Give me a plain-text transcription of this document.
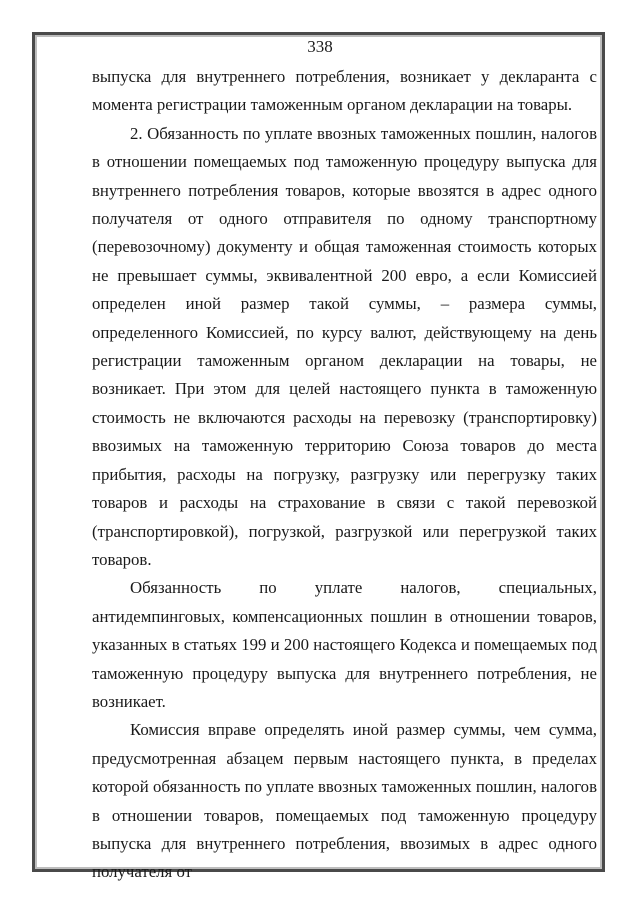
338

выпуска для внутреннего потребления, возникает у декларанта с момента регистрации таможенным органом декларации на товары.

2. Обязанность по уплате ввозных таможенных пошлин, налогов в отношении помещаемых под таможенную процедуру выпуска для внутреннего потребления товаров, которые ввозятся в адрес одного получателя от одного отправителя по одному транспортному (перевозочному) документу и общая таможенная стоимость которых не превышает суммы, эквивалентной 200 евро, а если Комиссией определен иной размер такой суммы, – размера суммы, определенного Комиссией, по курсу валют, действующему на день регистрации таможенным органом декларации на товары, не возникает. При этом для целей настоящего пункта в таможенную стоимость не включаются расходы на перевозку (транспортировку) ввозимых на таможенную территорию Союза товаров до места прибытия, расходы на погрузку, разгрузку или перегрузку таких товаров и расходы на страхование в связи с такой перевозкой (транспортировкой), погрузкой, разгрузкой или перегрузкой таких товаров.

Обязанность по уплате налогов, специальных, антидемпинговых, компенсационных пошлин в отношении товаров, указанных в статьях 199 и 200 настоящего Кодекса и помещаемых под таможенную процедуру выпуска для внутреннего потребления, не возникает.

Комиссия вправе определять иной размер суммы, чем сумма, предусмотренная абзацем первым настоящего пункта, в пределах которой обязанность по уплате ввозных таможенных пошлин, налогов в отношении товаров, помещаемых под таможенную процедуру выпуска для внутреннего потребления, ввозимых в адрес одного получателя от
